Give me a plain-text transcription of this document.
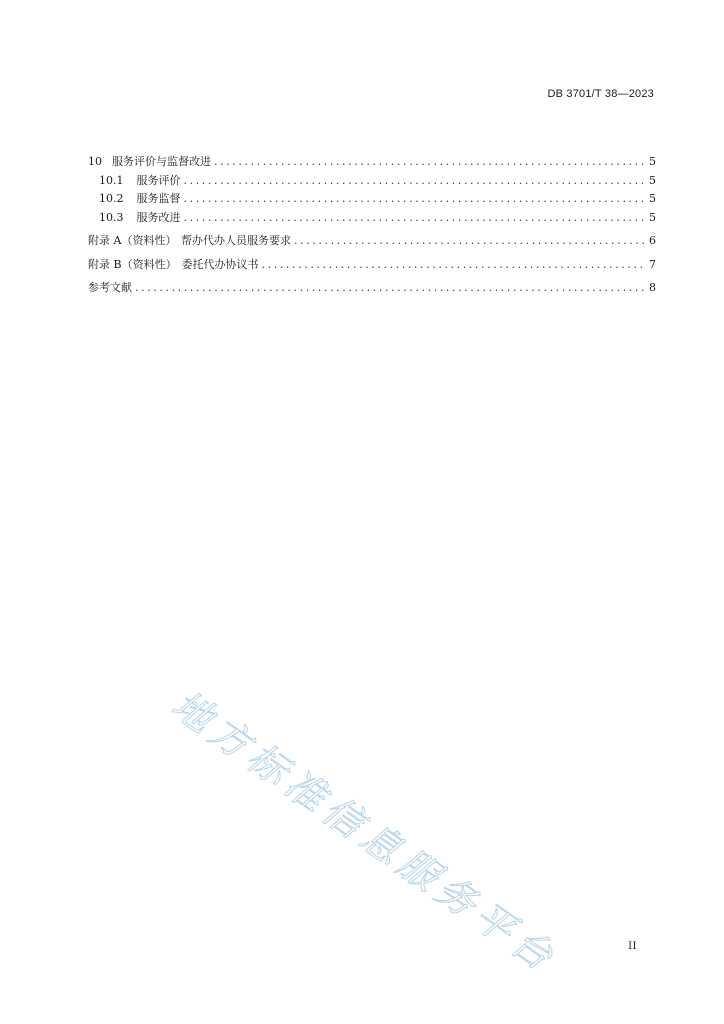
DB 3701/T 38—2023
10 服务评价与监督改进 .....	5
10.1 服务评价 .....	5
10.2 服务监督 .....	5
10.3 服务改进 .....	5
附录 A（资料性） 帮办代办人员服务要求 .....	6
附录 B（资料性） 委托代办协议书 .....	7
参考文献 .....	8
地方标准信息服务平台	II
